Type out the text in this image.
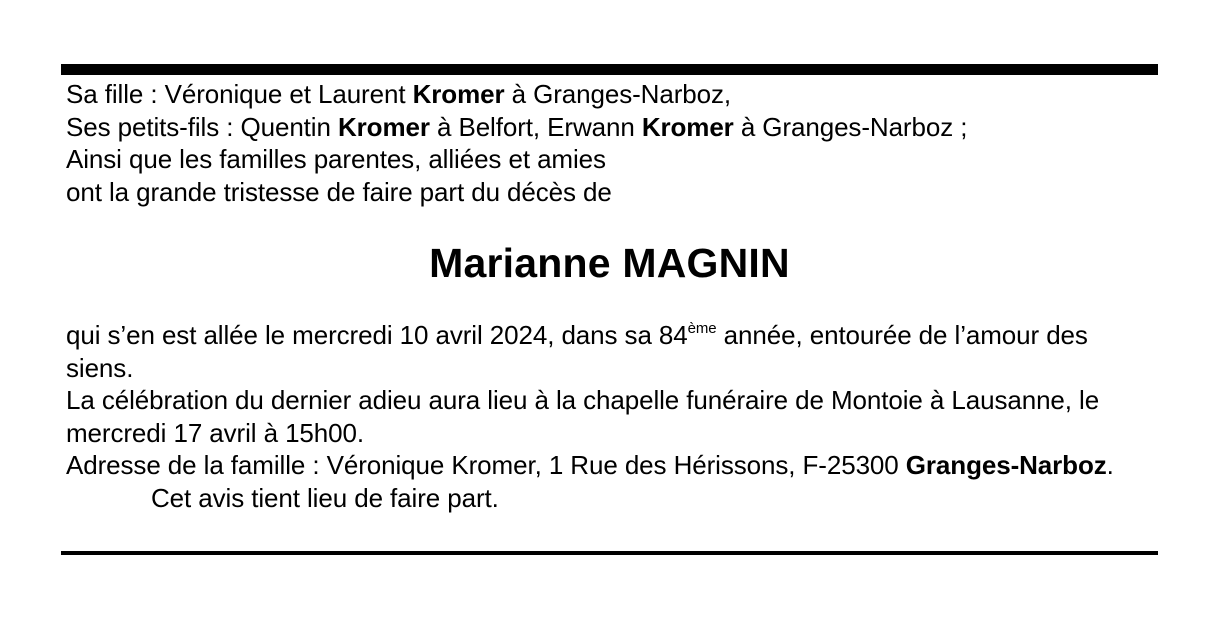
Sa fille : Véronique et Laurent Kromer à Granges-Narboz,
Ses petits-fils : Quentin Kromer à Belfort, Erwann Kromer à Granges-Narboz ;
Ainsi que les familles parentes, alliées et amies
ont la grande tristesse de faire part du décès de
Marianne MAGNIN
qui s’en est allée le mercredi 10 avril 2024, dans sa 84ème année, entourée de l’amour des siens.
La célébration du dernier adieu aura lieu à la chapelle funéraire de Montoie à Lausanne, le mercredi 17 avril à 15h00.
Adresse de la famille : Véronique Kromer, 1 Rue des Hérissons, F-25300 Granges-Narboz.
Cet avis tient lieu de faire part.
